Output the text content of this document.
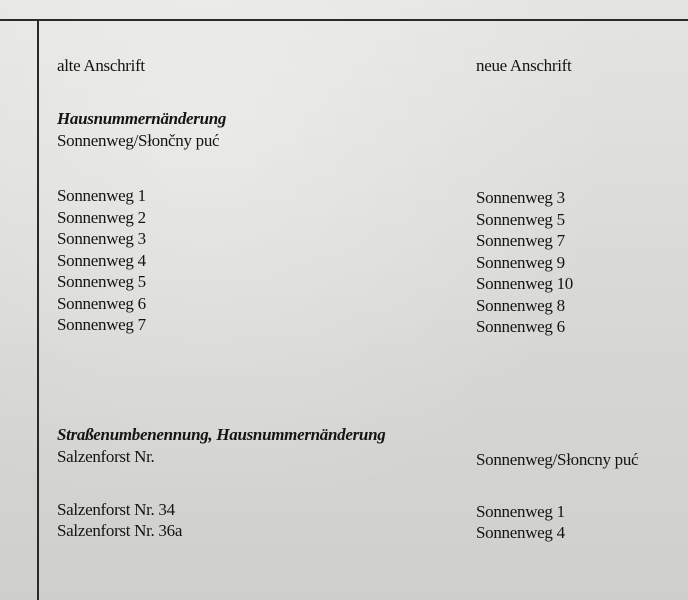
alte Anschrift	neue Anschrift
Hausnummernänderung
Sonnenweg/Słončny puć
Sonnenweg 1	Sonnenweg 3
Sonnenweg 2	Sonnenweg 5
Sonnenweg 3	Sonnenweg 7
Sonnenweg 4	Sonnenweg 9
Sonnenweg 5	Sonnenweg 10
Sonnenweg 6	Sonnenweg 8
Sonnenweg 7	Sonnenweg 6
Straßenumbenennung, Hausnummernänderung
Salzenforst Nr.	Sonnenweg/Słoncny puć
Salzenforst Nr. 34	Sonnenweg 1
Salzenforst Nr. 36a	Sonnenweg 4
